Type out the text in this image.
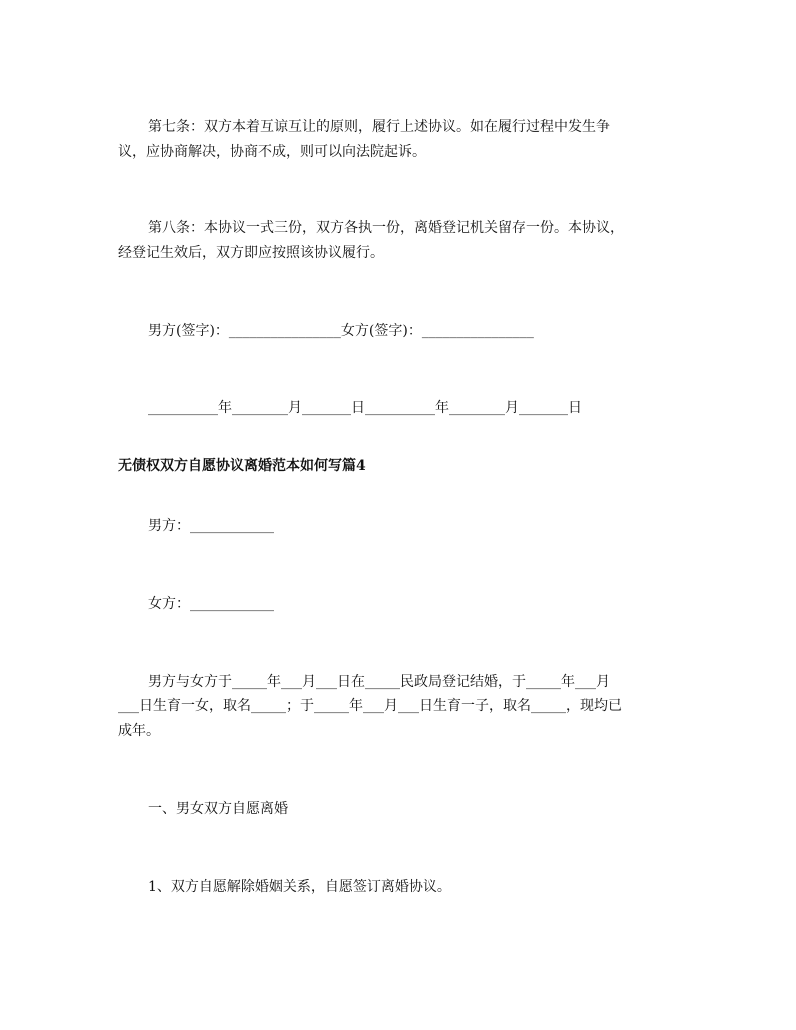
第七条：双方本着互谅互让的原则，履行上述协议。如在履行过程中发生争
议，应协商解决，协商不成，则可以向法院起诉。
第八条：本协议一式三份，双方各执一份，离婚登记机关留存一份。本协议，
经登记生效后，双方即应按照该协议履行。
男方(签字)：________________女方(签字)：________________
__________年________月_______日__________年________月_______日
无债权双方自愿协议离婚范本如何写篇4
男方：____________
女方：____________
男方与女方于_____年___月___日在_____民政局登记结婚，于_____年___月
___日生育一女，取名_____；于_____年___月___日生育一子，取名_____，现均已
成年。
一、男女双方自愿离婚
1、双方自愿解除婚姻关系，自愿签订离婚协议。
